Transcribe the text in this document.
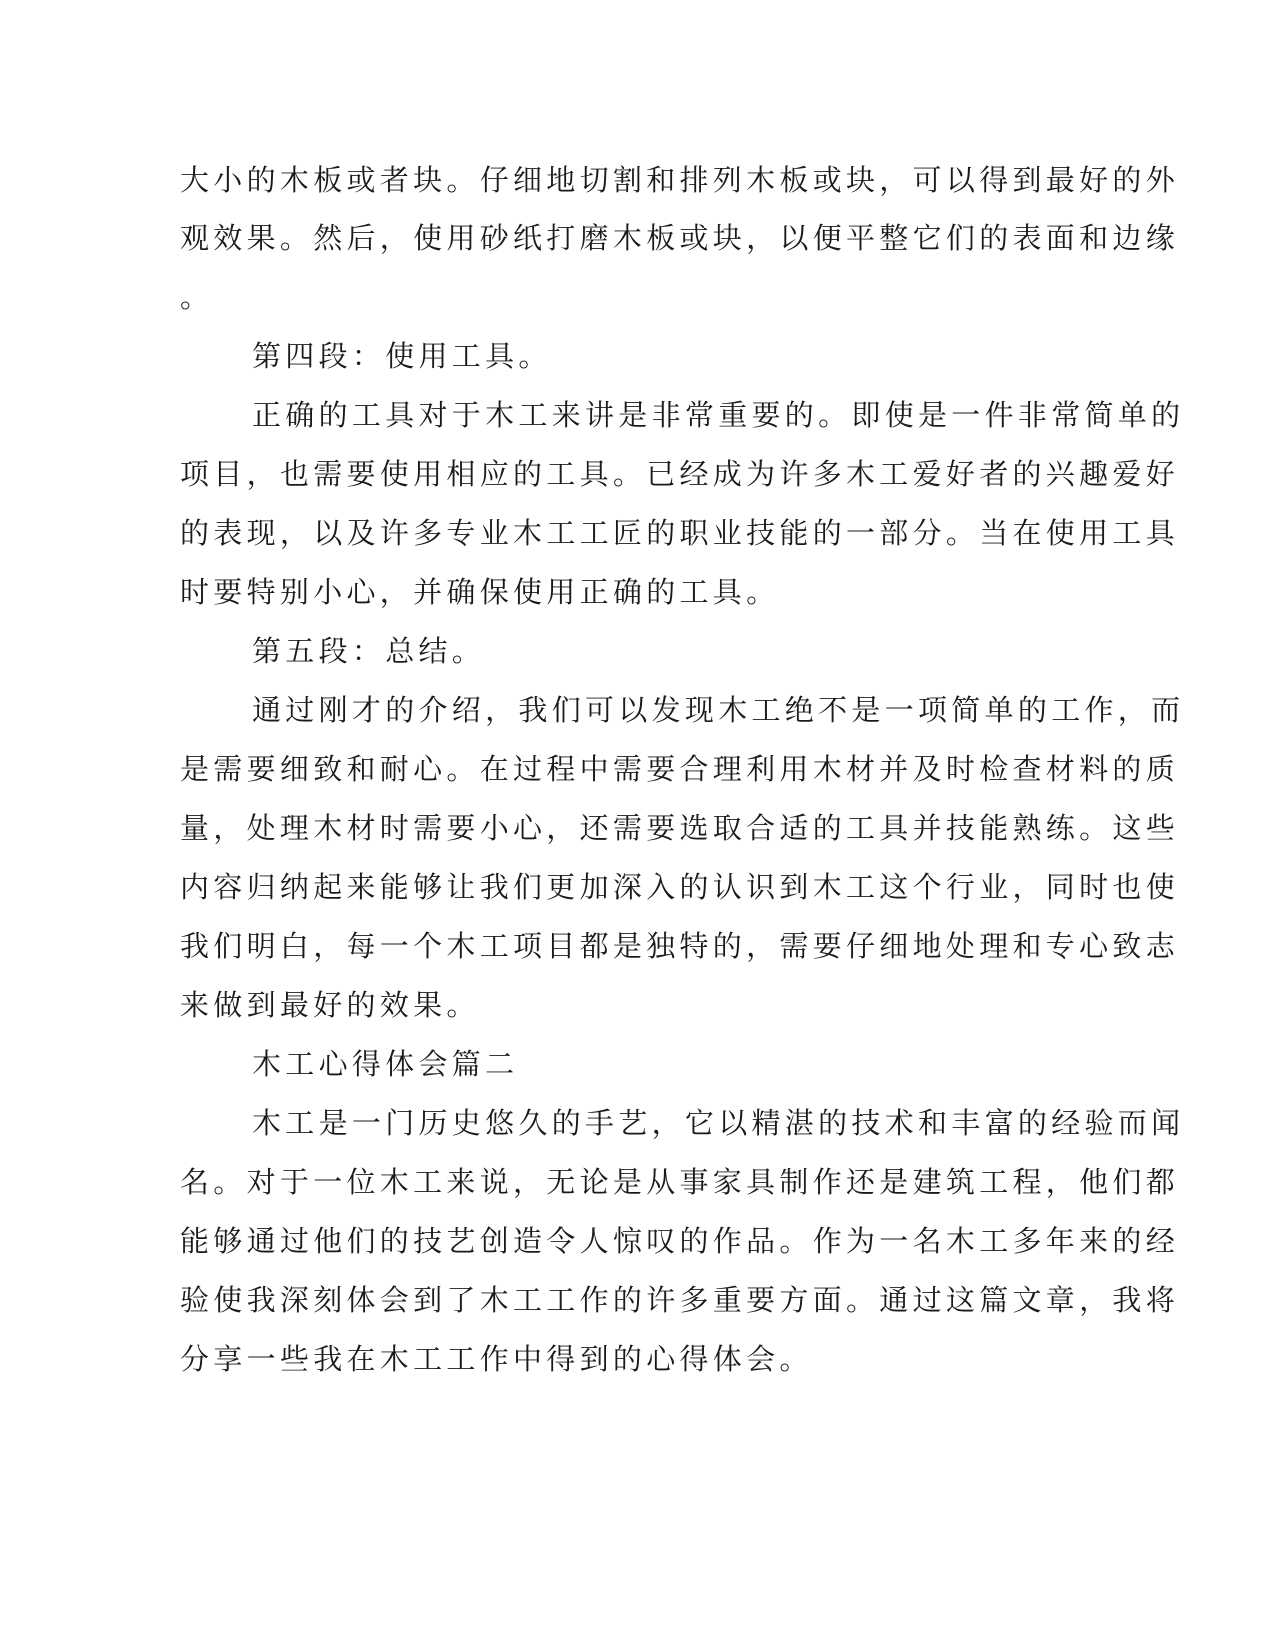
大小的木板或者块。仔细地切割和排列木板或块，可以得到最好的外
观效果。然后，使用砂纸打磨木板或块，以便平整它们的表面和边缘
。
第四段：使用工具。
正确的工具对于木工来讲是非常重要的。即使是一件非常简单的
项目，也需要使用相应的工具。已经成为许多木工爱好者的兴趣爱好
的表现，以及许多专业木工工匠的职业技能的一部分。当在使用工具
时要特别小心，并确保使用正确的工具。
第五段：总结。
通过刚才的介绍，我们可以发现木工绝不是一项简单的工作，而
是需要细致和耐心。在过程中需要合理利用木材并及时检查材料的质
量，处理木材时需要小心，还需要选取合适的工具并技能熟练。这些
内容归纳起来能够让我们更加深入的认识到木工这个行业，同时也使
我们明白，每一个木工项目都是独特的，需要仔细地处理和专心致志
来做到最好的效果。
木工心得体会篇二
木工是一门历史悠久的手艺，它以精湛的技术和丰富的经验而闻
名。对于一位木工来说，无论是从事家具制作还是建筑工程，他们都
能够通过他们的技艺创造令人惊叹的作品。作为一名木工多年来的经
验使我深刻体会到了木工工作的许多重要方面。通过这篇文章，我将
分享一些我在木工工作中得到的心得体会。
